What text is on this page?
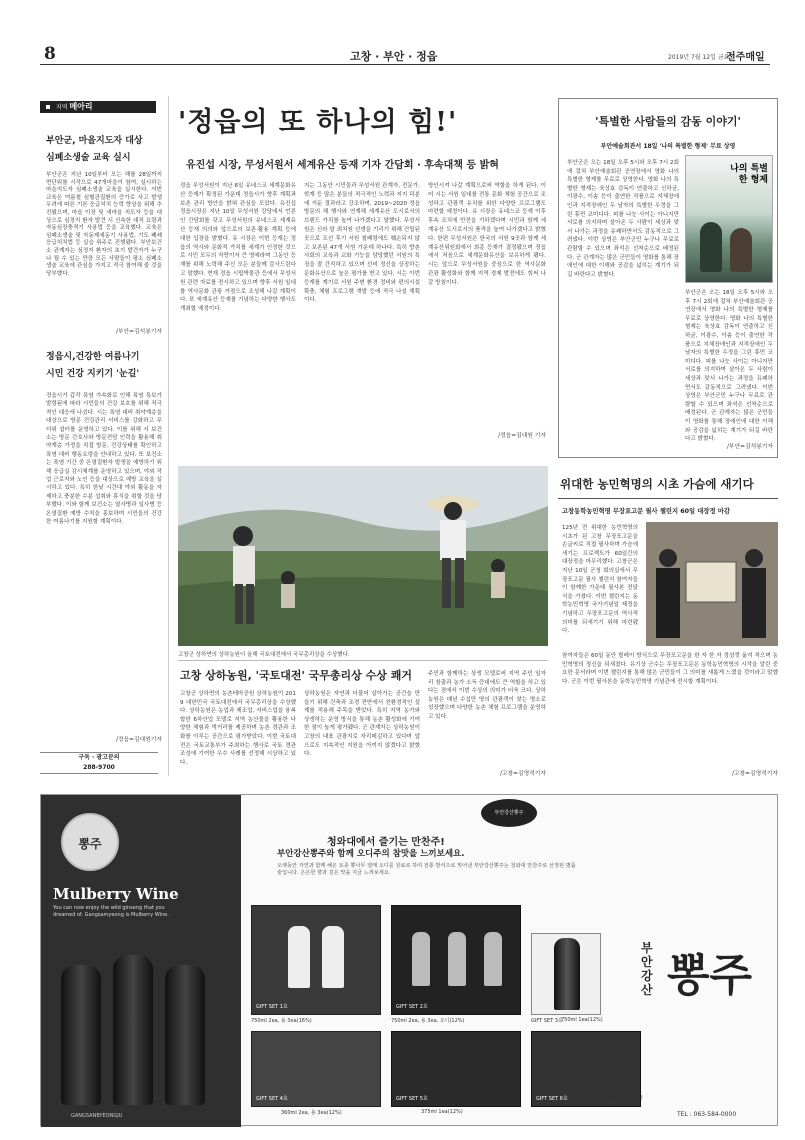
8	고창 · 부안 · 정읍	2019년 7월 12일 금요일
전주매일
지역 메아리
부안군, 마을지도자 대상
심폐소생술 교육 실시
부안군은 지난 10일부터 오는 해를 28일까지 면단위를 시작으로 47개마을이 참여, 실시하는 마을지도자 심폐소생술 교육을 실시한다. 이번 교육은 여름철 심혈관질환의 증가로 사고 발생 우려에 따른 기본 응급처치 능력 향상을 위해 추진됐으며, 마을 이장 및 새마을 지도자 등을 대상으로 심정지 환자 발견 시 신속한 대처 요령과 자동심장충격기 사용법 등을 교육했다. 교육은 심폐소생술 및 자동제세동기 사용법, 기도 폐쇄 응급처치법 등 실습 위주로 진행됐다. 부안보건소 관계자는 심정지 환자의 초기 발견자가 누구나 될 수 있는 만큼 모든 사람들이 평소 심폐소생술 교육에 관심을 가지고 적극 참여해 줄 것을 당부했다.
/부안=김석봉기자
정읍시,건강한 여름나기
시민 건강 지키기 '눈길'
정읍시가 갑작 폭염 가속화로 인해 폭염 특보가 발령됨에 따라 시민들의 건강 보호를 위해 적극적인 대응에 나섰다. 시는 폭염 대비 취약계층을 대상으로 방문 건강관리 서비스를 강화하고 무더위 쉼터를 운영하고 있다. 이를 위해 시 보건소는 방문 간호사와 방문전담 인력을 활용해 취약계층 가정을 직접 방문, 건강상태를 확인하고 폭염 대비 행동요령을 안내하고 있다. 또 보건소는 폭염 기간 중 온열질환자 발생을 예방하기 위해 응급실 감시체계를 운영하고 있으며, 야외 작업 근로자와 노인 등을 대상으로 예방 교육을 실시하고 있다. 특히 한낮 시간대 야외 활동을 자제하고 충분한 수분 섭취와 휴식을 취할 것을 당부했다. 이와 함께 보건소는 열사병과 일사병 등 온열질환 예방 수칙을 홍보하며 시민들의 건강한 여름나기를 지원할 계획이다.
/정읍=김대원기자
구독 · 광고문의
288-9700
'정읍의 또 하나의 힘!'
유진섭 시장, 무성서원서 세계유산 등재 기자 간담회 · 후속대책 등 밝혀
정읍 무성서원이 지난 6일 유네스코 세계문화유산 등재가 확정된 가운데 정읍시가 향후 계획과 보존 관리 방안을 밝혀 관심을 모았다. 유진섭 정읍시장은 지난 10일 무성서원 강당에서 언론인 간담회를 갖고 무성서원의 유네스코 세계유산 등재 의의와 앞으로의 보존·활용 계획 등에 대한 입장을 밝혔다. 유 시장은 이번 등재는 정읍의 역사와 문화적 가치를 세계가 인정한 것으로 시민 모두의 자랑이자 큰 영예라며 그동안 등재를 위해 노력해 주신 모든 분들께 감사드린다고 말했다. 현재 정읍 시립박물관 등에서 무성서원 관련 자료를 전시하고 있으며 향후 서원 일대를 역사문화 관광 거점으로 조성해 나갈 계획이다. 또 세계유산 등재를 기념하는 다양한 행사도 개최할 예정이다.
지는 그동안 시민들과 무성서원 관계자, 전문가, 학계 등 많은 분들의 적극적인 노력과 지지 덕분에 거둔 결과라고 강조하며, 2019~2020 정읍 방문의 해 행사와 연계해 세계유산 도시로서의 브랜드 가치를 높여 나가겠다고 말했다. 무성서원은 신라 말 최치원 선생을 기리기 위해 건립된 곳으로 조선 후기 서원 철폐령에도 훼손되지 않고 보존된 47개 서원 가운데 하나다. 특히 향촌 사회의 교육과 교화 기능을 담당했던 서원의 특징을 잘 간직하고 있으며 선비 정신을 상징하는 문화유산으로 높은 평가를 받고 있다. 시는 이번 등재를 계기로 서원 주변 환경 정비와 편의시설 확충, 체험 프로그램 개발 등에 적극 나설 계획이다.
방안시켜 나갈 계획으로써 역할을 하게 된다. 이어 시는 서원 일대를 전통 문화 체험 공간으로 조성하고 관광객 유치를 위한 다양한 프로그램도 마련할 예정이다. 유 시장은 유네스코 등재 이후 후속 조치에 만전을 기하겠다며 시민과 함께 세계유산 도시로서의 품격을 높여 나가겠다고 밝혔다. 한편 무성서원은 한국의 서원 9곳과 함께 세계유산위원회에서 최종 등재가 결정됐으며 정읍에서 처음으로 세계문화유산을 보유하게 됐다. 시는 앞으로 무성서원을 중심으로 한 역사문화 관광 활성화와 함께 지역 경제 발전에도 힘써 나갈 방침이다.
/정읍=김대원 기자
'특별한 사람들의 감동 이야기'
부안예술회관서 18일 '나의 특별한 형제' 무료 상영
나의 특별한 형제
부안군은 오는 18일 오후 5시와 오후 7시 2회에 걸쳐 부안예술회관 공연장에서 영화 나의 특별한 형제를 무료로 상영한다. 영화 나의 특별한 형제는 육상효 감독이 연출하고 신하균, 이광수, 이솜 등이 출연한 작품으로 지체장애인과 지적장애인 두 남자의 특별한 우정을 그린 휴먼 코미디다. 피를 나눈 사이는 아니지만 서로를 의지하며 살아온 두 사람이 세상과 맞서 나가는 과정을 유쾌하면서도 감동적으로 그려냈다. 이번 상영은 부안군민 누구나 무료로 관람할 수 있으며 좌석은 선착순으로 배정된다. 군 관계자는 많은 군민들이 영화를 통해 장애인에 대한 이해와 공감을 넓히는 계기가 되길 바란다고 밝혔다.
부안군은 오는 18일 오후 5시와 오후 7시 2회에 걸쳐 부안예술회관 공연장에서 영화 나의 특별한 형제를 무료로 상영한다. 영화 나의 특별한 형제는 육상효 감독이 연출하고 신하균, 이광수, 이솜 등이 출연한 작품으로 지체장애인과 지적장애인 두 남자의 특별한 우정을 그린 휴먼 코미디다. 피를 나눈 사이는 아니지만 서로를 의지하며 살아온 두 사람이 세상과 맞서 나가는 과정을 유쾌하면서도 감동적으로 그려냈다. 이번 상영은 부안군민 누구나 무료로 관람할 수 있으며 좌석은 선착순으로 배정된다. 군 관계자는 많은 군민들이 영화를 통해 장애인에 대한 이해와 공감을 넓히는 계기가 되길 바란다고 밝혔다.
/부안=김석봉기자
고창군 상하면의 상하농원이 올해 국토대전에서 국무총리상을 수상했다.
고창 상하농원, '국토대전' 국무총리상 수상 쾌거
고창군 상하면의 농촌테마공원 상하농원이 2019 대한민국 국토대전에서 국무총리상을 수상했다. 상하농원은 농업과 제조업, 서비스업을 융복합한 6차산업 모델로 지역 농산물을 활용한 다양한 체험과 먹거리를 제공하며 농촌 경관과 조화를 이루는 공간으로 평가받았다. 이번 국토대전은 국토교통부가 주최하는 행사로 국토 경관 조성에 기여한 우수 사례를 선정해 시상하고 있다.
상하농원은 자연과 더불어 살아가는 공간을 만들기 위해 건축과 조경 전반에서 친환경적인 설계를 적용해 주목을 받았다. 특히 지역 농가와 상생하는 운영 방식을 통해 농촌 활성화에 기여한 점이 높게 평가됐다. 군 관계자는 상하농원이 고창의 대표 관광지로 자리매김하고 있다며 앞으로도 지속적인 지원을 아끼지 않겠다고 밝혔다.
주민과 함께하는 상생 모델로써 지역 주민 일자리 창출과 농가 소득 증대에도 큰 역할을 하고 있다는 점에서 이번 수상의 의미가 더욱 크다. 상하농원은 매년 수십만 명의 관광객이 찾는 명소로 성장했으며 다양한 농촌 체험 프로그램을 운영하고 있다.
/고창=김영석기자
위대한 농민혁명의 시초 가슴에 새기다
고창동학농민혁명 무장포고문 필사 챌린지 60일 대장정 마감
125년 전 위대한 농민혁명의 시초가 된 고창 무장포고문을 손글씨로 직접 필사하며 가슴에 새기는 프로젝트가 60일간의 대장정을 마무리했다. 고창군은 지난 10일 군청 회의실에서 무장포고문 필사 챌린지 참여자들이 함께한 가운데 필사본 전달식을 가졌다. 이번 챌린지는 동학농민혁명 국가기념일 제정을 기념하고 무장포고문의 역사적 의미를 되새기기 위해 마련됐다.
참여자들은 60일 동안 릴레이 방식으로 무장포고문을 한 자 한 자 정성껏 옮겨 적으며 농민혁명의 정신을 되새겼다. 유기상 군수는 무장포고문은 동학농민혁명의 시작을 알린 중요한 문서라며 이번 챌린지를 통해 많은 군민들이 그 의미를 새롭게 느꼈을 것이라고 말했다. 군은 이번 필사본을 동학농민혁명 기념관에 전시할 계획이다.
/고창=김영석기자
뽕주
Mulberry Wine
You can now enjoy the wild ginseng that you dreamed of. Gangsamyeong is Mulberry Wine.
GANGSANBYEONGJU
부안강산뽕주
청와대에서 즐기는 만찬주!
부안강산뽕주와 함께 오디주의 참맛을 느끼보세요.
오랫동안 자연과 함께 해온 토종 뽕나무 열매 오디를 원료로 하여 전통 방식으로 빚어낸 부안강산뽕주는 청와대 만찬주로 선정된 명품 술입니다. 은은한 향과 깊은 맛을 지금 느껴보세요.
GIFT SET 1호
750ml 2ea, 용 3ea(16%)
GIFT SET 2호
750ml 2ea, 용 3ea, 오디(12%)	GIFT SET 3호
750ml 1ea(12%)
부안강산 뽕주
GIFT SET 4호
360ml 2ea, 용 3ea(12%)
GIFT SET 5호
375ml 1ea(12%)
GIFT SET 6호	360ml 2ea(12%)
TEL : 063-584-0000
